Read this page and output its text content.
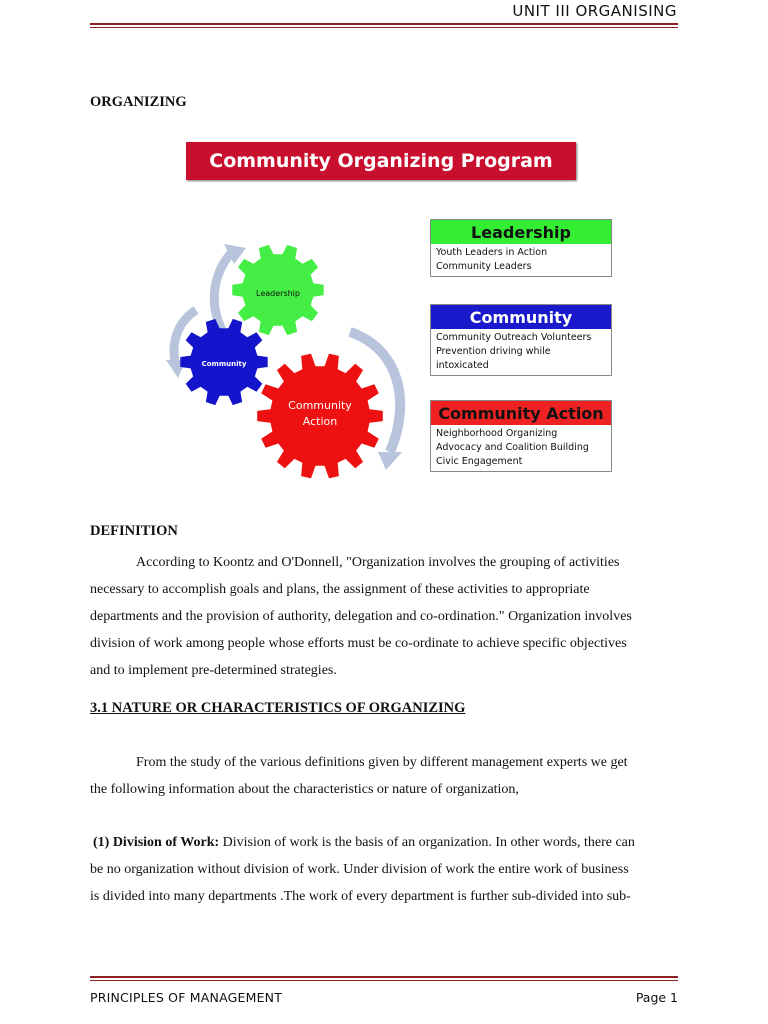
UNIT III ORGANISING
ORGANIZING
Community Organizing Program
Leadership
Community
Community
Action
Leadership
Youth Leaders in Action
Community Leaders
Community
Community Outreach Volunteers
Prevention driving while
intoxicated
Community Action
Neighborhood Organizing
Advocacy and Coalition Building
Civic Engagement
DEFINITION

According to Koontz and O'Donnell, "Organization involves the grouping of activities

necessary to accomplish goals and plans, the assignment of these activities to appropriate

departments and the provision of authority, delegation and co-ordination." Organization involves

division of work among people whose efforts must be co-ordinate to achieve specific objectives

and to implement pre-determined strategies.

3.1 NATURE OR CHARACTERISTICS OF ORGANIZING

From the study of the various definitions given by different management experts we get

the following information about the characteristics or nature of organization,

(1) Division of Work: Division of work is the basis of an organization. In other words, there can

be no organization without division of work. Under division of work the entire work of business

is divided into many departments .The work of every department is further sub-divided into sub-

PRINCIPLES OF MANAGEMENT	Page 1
